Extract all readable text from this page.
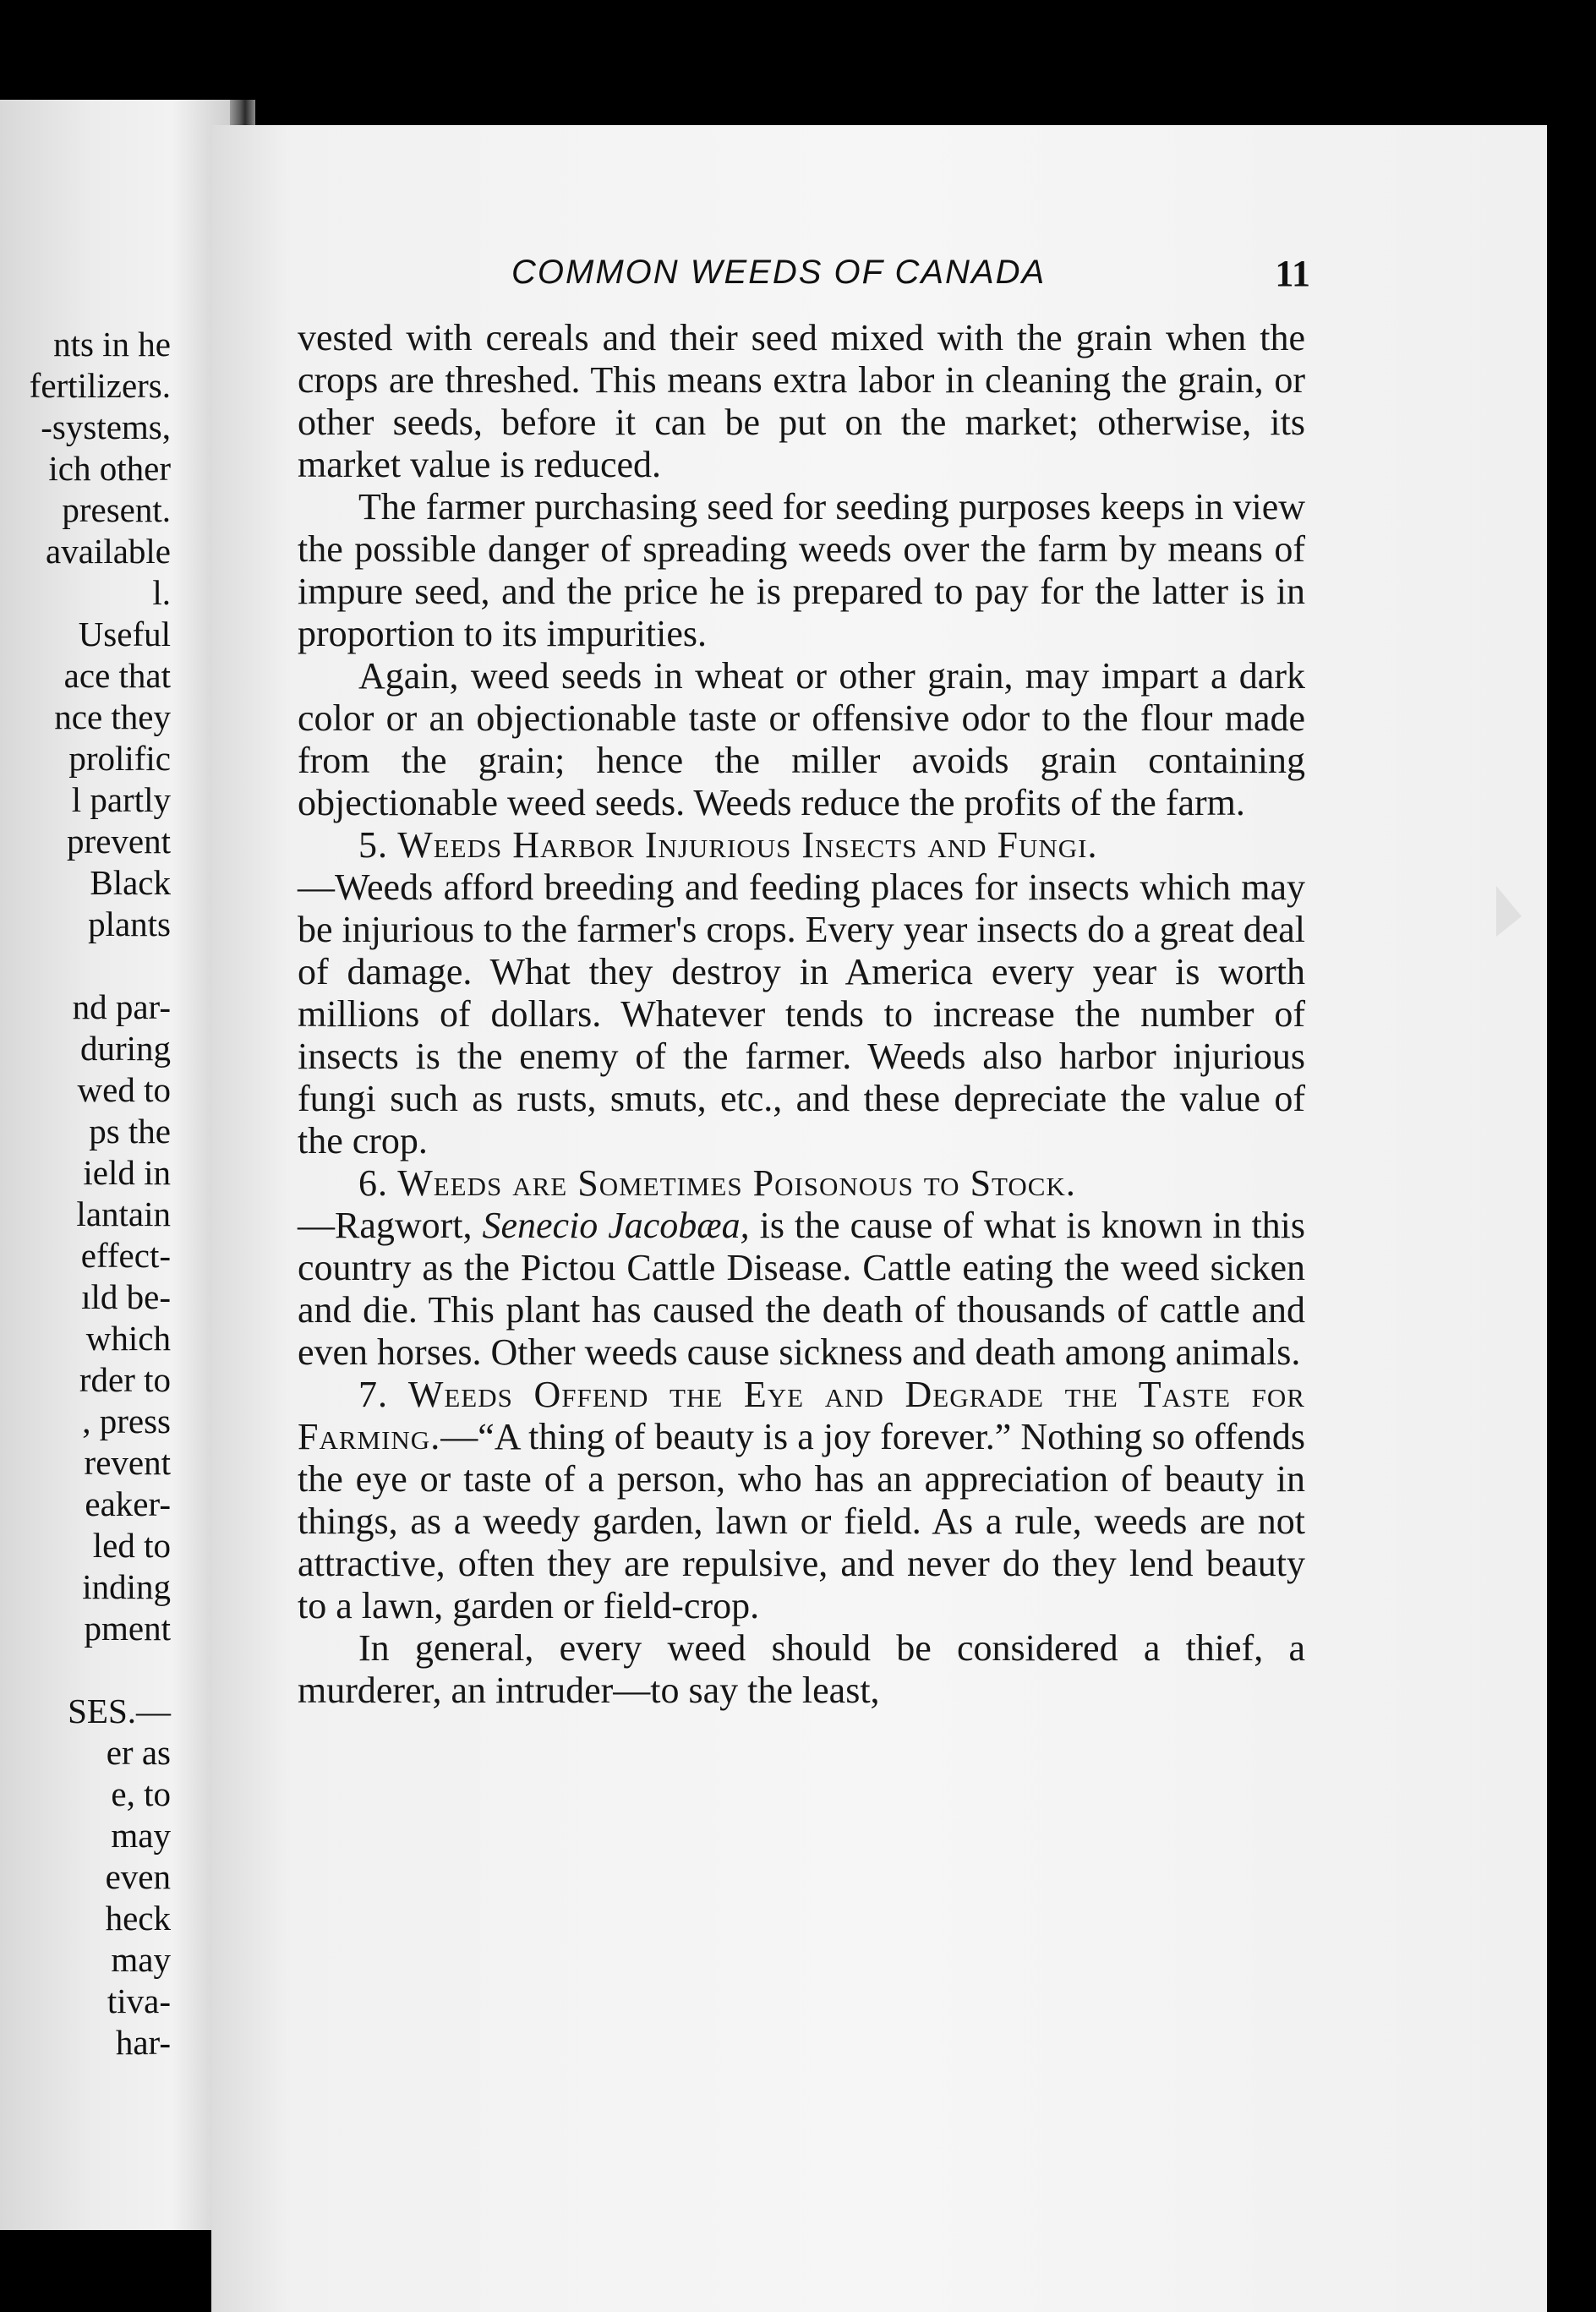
nts in he
fertilizers.
-systems,
ich other
present.
available
l.
Useful
ace that
nce they
prolific
l partly
prevent
Black
plants
nd par-
during
wed to
ps the
ield in
lantain
effect-
ıld be-
which
rder to
, press
revent
eaker-
led to
inding
pment
SES.—
er as
e, to
may
even
heck
may
tiva-
har-
COMMON WEEDS OF CANADA	11

vested with cereals and their seed mixed with the grain when the crops are threshed. This means extra labor in cleaning the grain, or other seeds, before it can be put on the market; otherwise, its market value is reduced.

The farmer purchasing seed for seeding purposes keeps in view the possible danger of spreading weeds over the farm by means of impure seed, and the price he is prepared to pay for the latter is in proportion to its impurities.

Again, weed seeds in wheat or other grain, may impart a dark color or an objectionable taste or offensive odor to the flour made from the grain; hence the miller avoids grain containing objectionable weed seeds. Weeds reduce the profits of the farm.

5. Weeds Harbor Injurious Insects and Fungi.
—Weeds afford breeding and feeding places for insects which may be injurious to the farmer's crops. Every year insects do a great deal of damage. What they destroy in America every year is worth millions of dollars. Whatever tends to increase the number of insects is the enemy of the farmer. Weeds also harbor injurious fungi such as rusts, smuts, etc., and these depreciate the value of the crop.

6. Weeds are Sometimes Poisonous to Stock.
—Ragwort, Senecio Jacobæa, is the cause of what is known in this country as the Pictou Cattle Disease. Cattle eating the weed sicken and die. This plant has caused the death of thousands of cattle and even horses. Other weeds cause sickness and death among animals.

7. Weeds Offend the Eye and Degrade the Taste for Farming.—“A thing of beauty is a joy forever.” Nothing so offends the eye or taste of a person, who has an appreciation of beauty in things, as a weedy garden, lawn or field. As a rule, weeds are not attractive, often they are repulsive, and never do they lend beauty to a lawn, garden or field-crop.

In general, every weed should be considered a thief, a murderer, an intruder—to say the least,
